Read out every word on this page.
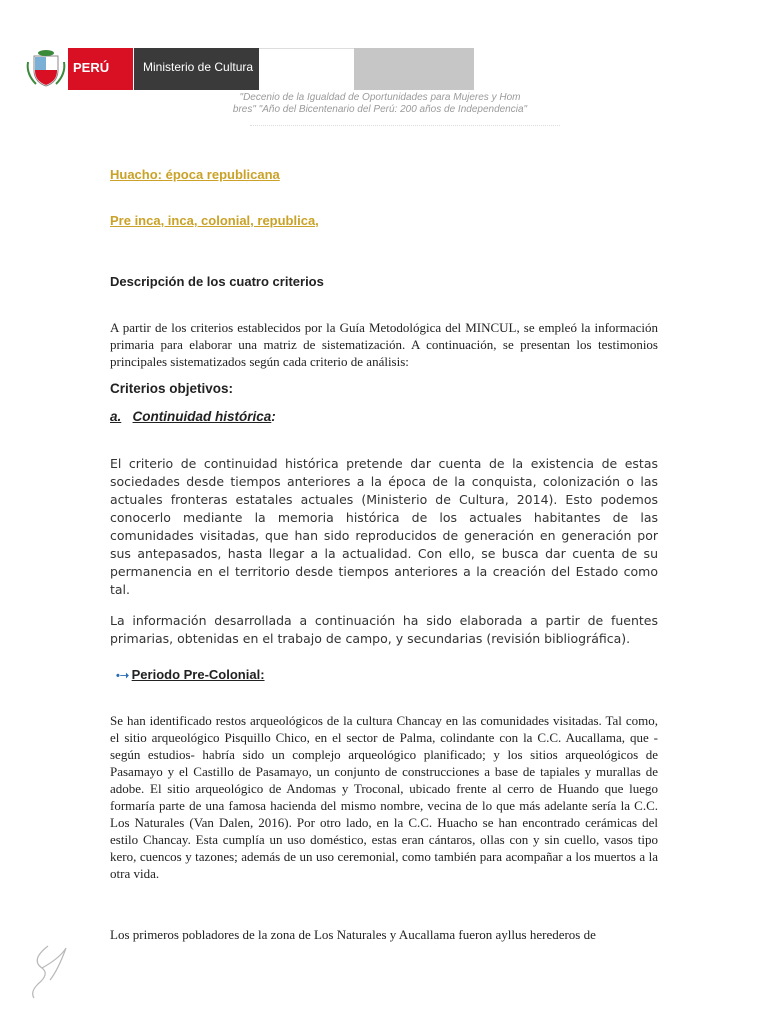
PERÚ	Ministerio de Cultura
"Decenio de la Igualdad de Oportunidades para Mujeres y Hom bres" "Año del Bicentenario del Perú: 200 años de Independencia"
Huacho: época republicana
Pre inca, inca, colonial, republica,
Descripción de los cuatro criterios
A partir de los criterios establecidos por la Guía Metodológica del MINCUL, se empleó la información primaria para elaborar una matriz de sistematización. A continuación, se presentan los testimonios principales sistematizados según cada criterio de análisis:
Criterios objetivos:
a. Continuidad histórica:
El criterio de continuidad histórica pretende dar cuenta de la existencia de estas sociedades desde tiempos anteriores a la época de la conquista, colonización o las actuales fronteras estatales actuales (Ministerio de Cultura, 2014). Esto podemos conocerlo mediante la memoria histórica de los actuales habitantes de las comunidades visitadas, que han sido reproducidos de generación en generación por sus antepasados, hasta llegar a la actualidad. Con ello, se busca dar cuenta de su permanencia en el territorio desde tiempos anteriores a la creación del Estado como tal.
La información desarrollada a continuación ha sido elaborada a partir de fuentes primarias, obtenidas en el trabajo de campo, y secundarias (revisión bibliográfica).
•➝ Periodo Pre-Colonial:
Se han identificado restos arqueológicos de la cultura Chancay en las comunidades visitadas. Tal como, el sitio arqueológico Pisquillo Chico, en el sector de Palma, colindante con la C.C. Aucallama, que -según estudios- habría sido un complejo arqueológico planificado; y los sitios arqueológicos de Pasamayo y el Castillo de Pasamayo, un conjunto de construcciones a base de tapiales y murallas de adobe. El sitio arqueológico de Andomas y Troconal, ubicado frente al cerro de Huando que luego formaría parte de una famosa hacienda del mismo nombre, vecina de lo que más adelante sería la C.C. Los Naturales (Van Dalen, 2016). Por otro lado, en la C.C. Huacho se han encontrado cerámicas del estilo Chancay. Esta cumplía un uso doméstico, estas eran cántaros, ollas con y sin cuello, vasos tipo kero, cuencos y tazones; además de un uso ceremonial, como también para acompañar a los muertos a la otra vida.
Los primeros pobladores de la zona de Los Naturales y Aucallama fueron ayllus herederos de
